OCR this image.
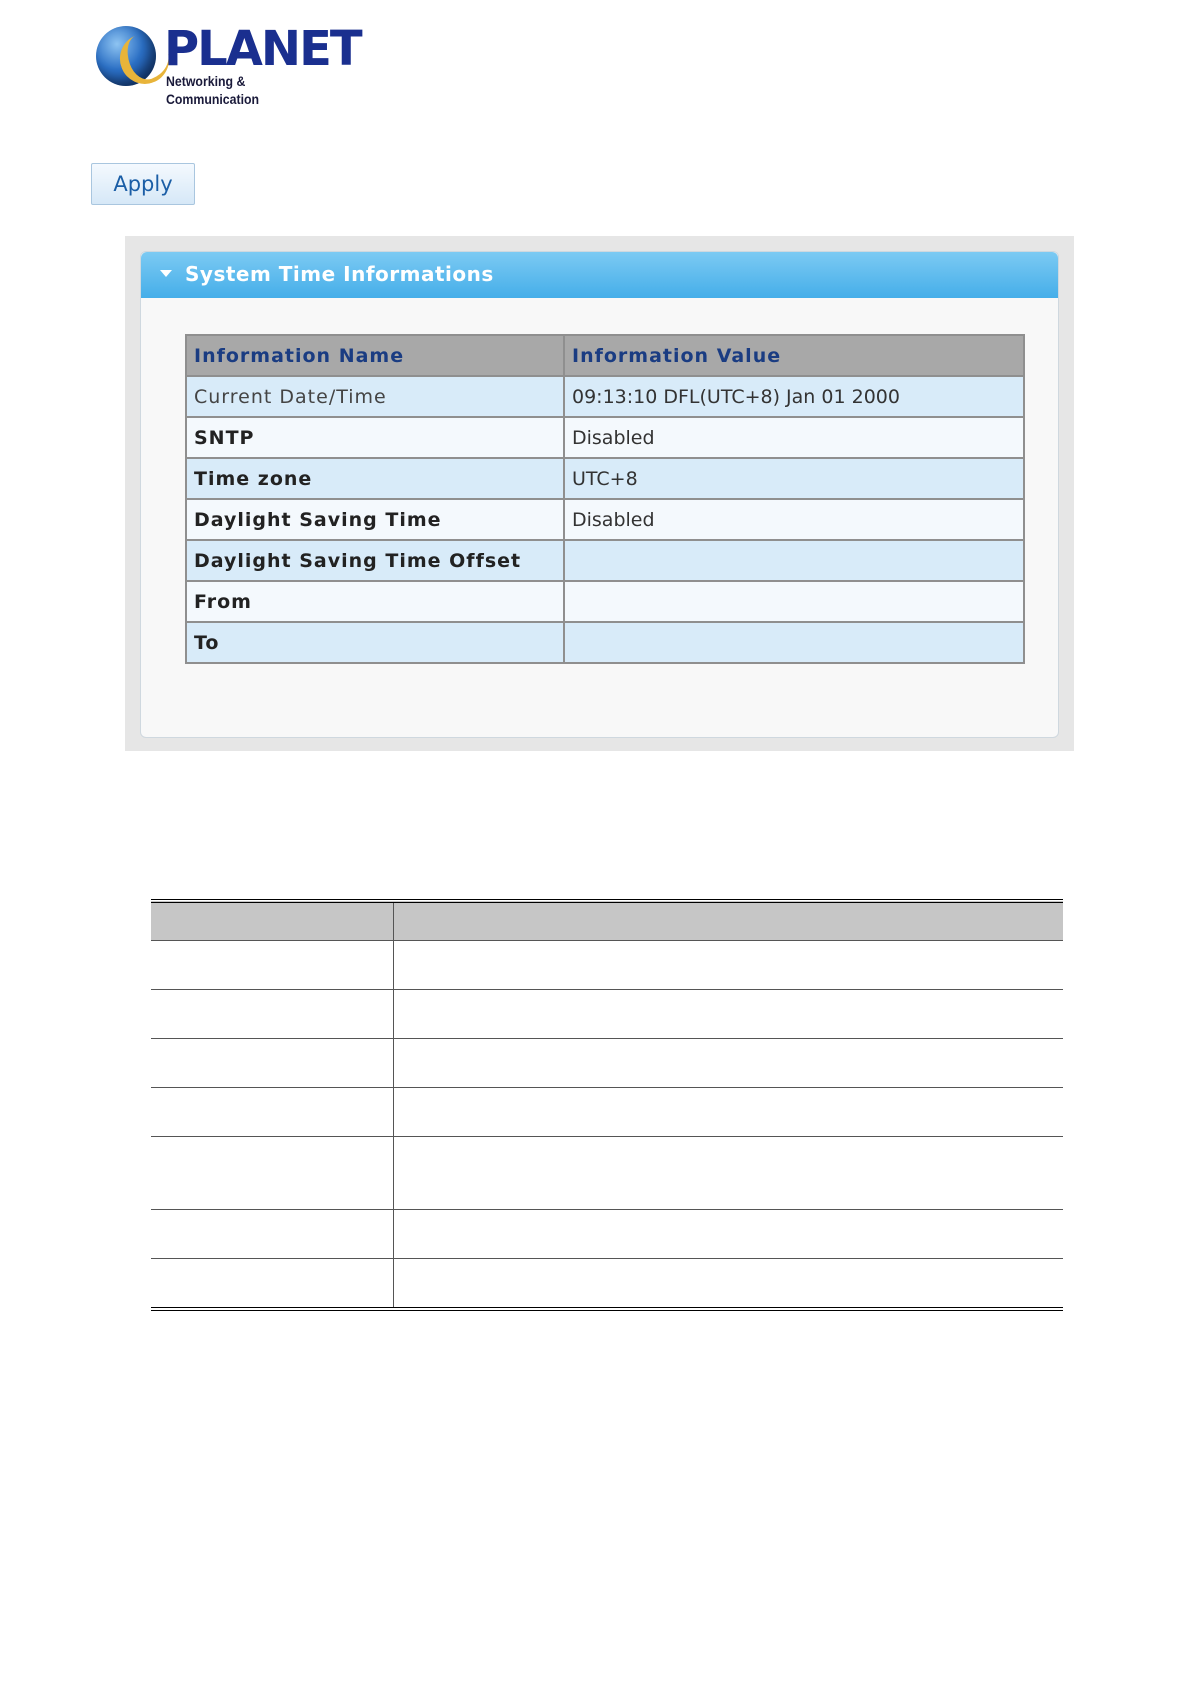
PLANET
Networking & Communication
Apply
System Time Informations
Information Name	Information Value
Current Date/Time	09:13:10 DFL(UTC+8) Jan 01 2000
SNTP	Disabled
Time zone	UTC+8
Daylight Saving Time	Disabled
Daylight Saving Time Offset	
From	
To	
